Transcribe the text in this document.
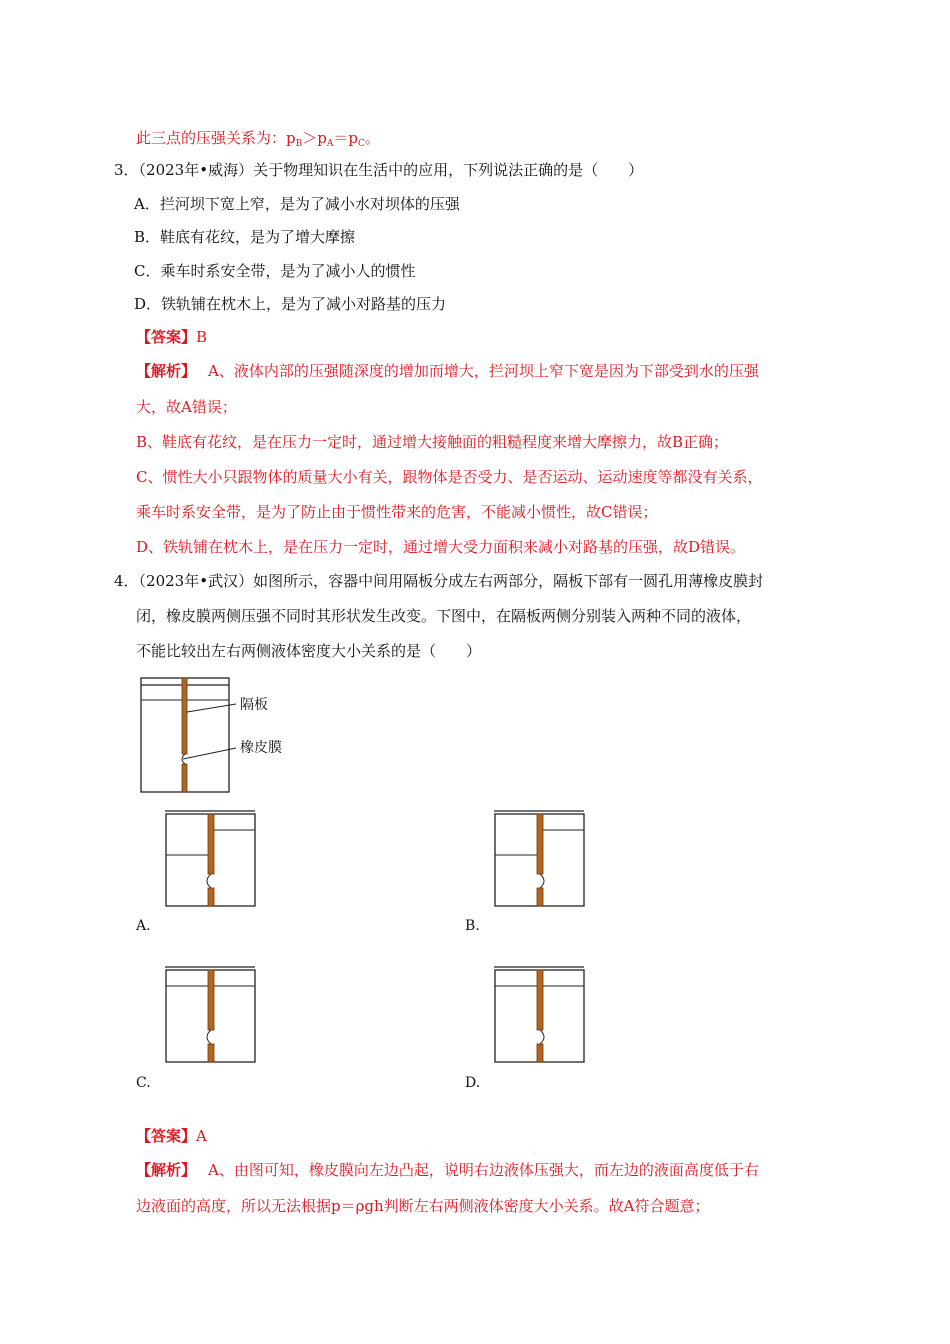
此三点的压强关系为：$p_B>p_A=p_C$。
3．（2023年•威海）关于物理知识在生活中的应用，下列说法正确的是（　　）
A．拦河坝下宽上窄，是为了减小水对坝体的压强
B．鞋底有花纹，是为了增大摩擦
C．乘车时系安全带，是为了减小人的惯性
D．铁轨铺在枕木上，是为了减小对路基的压力
【答案】B
【解析】 A、液体内部的压强随深度的增加而增大，拦河坝上窄下宽是因为下部受到水的压强
大，故A错误；
B、鞋底有花纹，是在压力一定时，通过增大接触面的粗糙程度来增大摩擦力，故B正确；
C、惯性大小只跟物体的质量大小有关，跟物体是否受力、是否运动、运动速度等都没有关系，
乘车时系安全带，是为了防止由于惯性带来的危害，不能减小惯性，故C错误；
D、铁轨铺在枕木上，是在压力一定时，通过增大受力面积来减小对路基的压强，故D错误。
4．（2023年•武汉）如图所示，容器中间用隔板分成左右两部分，隔板下部有一圆孔用薄橡皮膜封
闭，橡皮膜两侧压强不同时其形状发生改变。下图中，在隔板两侧分别装入两种不同的液体，
不能比较出左右两侧液体密度大小关系的是（　　）
隔板
橡皮膜
A.	B.
C.	D.
【答案】A
【解析】 A、由图可知，橡皮膜向左边凸起，说明右边液体压强大，而左边的液面高度低于右
边液面的高度，所以无法根据p＝ρgh判断左右两侧液体密度大小关系。故A符合题意；
